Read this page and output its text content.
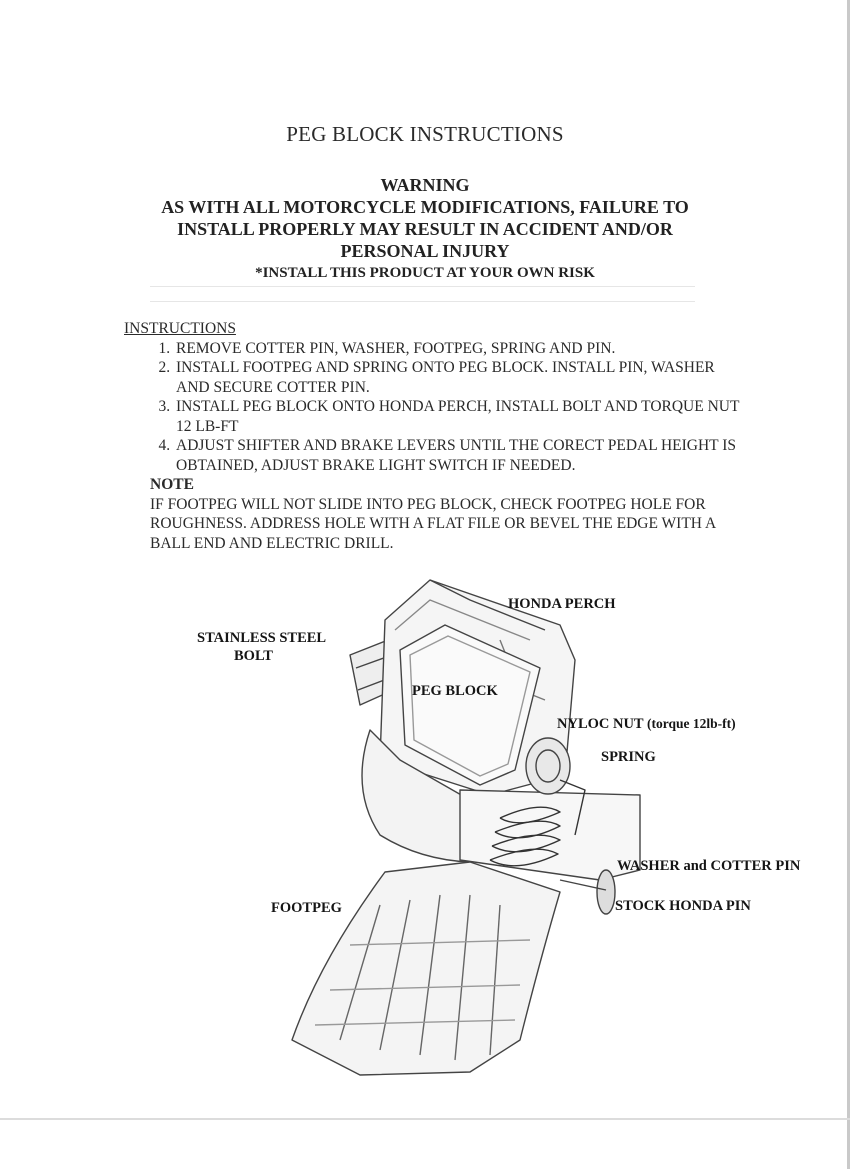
PEG BLOCK INSTRUCTIONS
WARNING
AS WITH ALL MOTORCYCLE MODIFICATIONS, FAILURE TO
INSTALL PROPERLY MAY RESULT IN ACCIDENT AND/OR
PERSONAL INJURY
*INSTALL THIS PRODUCT AT YOUR OWN RISK
INSTRUCTIONS
1. REMOVE COTTER PIN, WASHER, FOOTPEG, SPRING AND PIN.
2. INSTALL FOOTPEG AND SPRING ONTO PEG BLOCK. INSTALL PIN, WASHER AND SECURE COTTER PIN.
3. INSTALL PEG BLOCK ONTO HONDA PERCH, INSTALL BOLT AND TORQUE NUT 12 LB-FT
4. ADJUST SHIFTER AND BRAKE LEVERS UNTIL THE CORECT PEDAL HEIGHT IS OBTAINED, ADJUST BRAKE LIGHT SWITCH IF NEEDED.
NOTE
IF FOOTPEG WILL NOT SLIDE INTO PEG BLOCK, CHECK FOOTPEG HOLE FOR ROUGHNESS. ADDRESS HOLE WITH A FLAT FILE OR BEVEL THE EDGE WITH A BALL END AND ELECTRIC DRILL.
HONDA PERCH
STAINLESS STEEL
BOLT
PEG BLOCK
NYLOC NUT (torque 12lb-ft)
SPRING
WASHER and COTTER PIN
FOOTPEG	STOCK HONDA PIN
